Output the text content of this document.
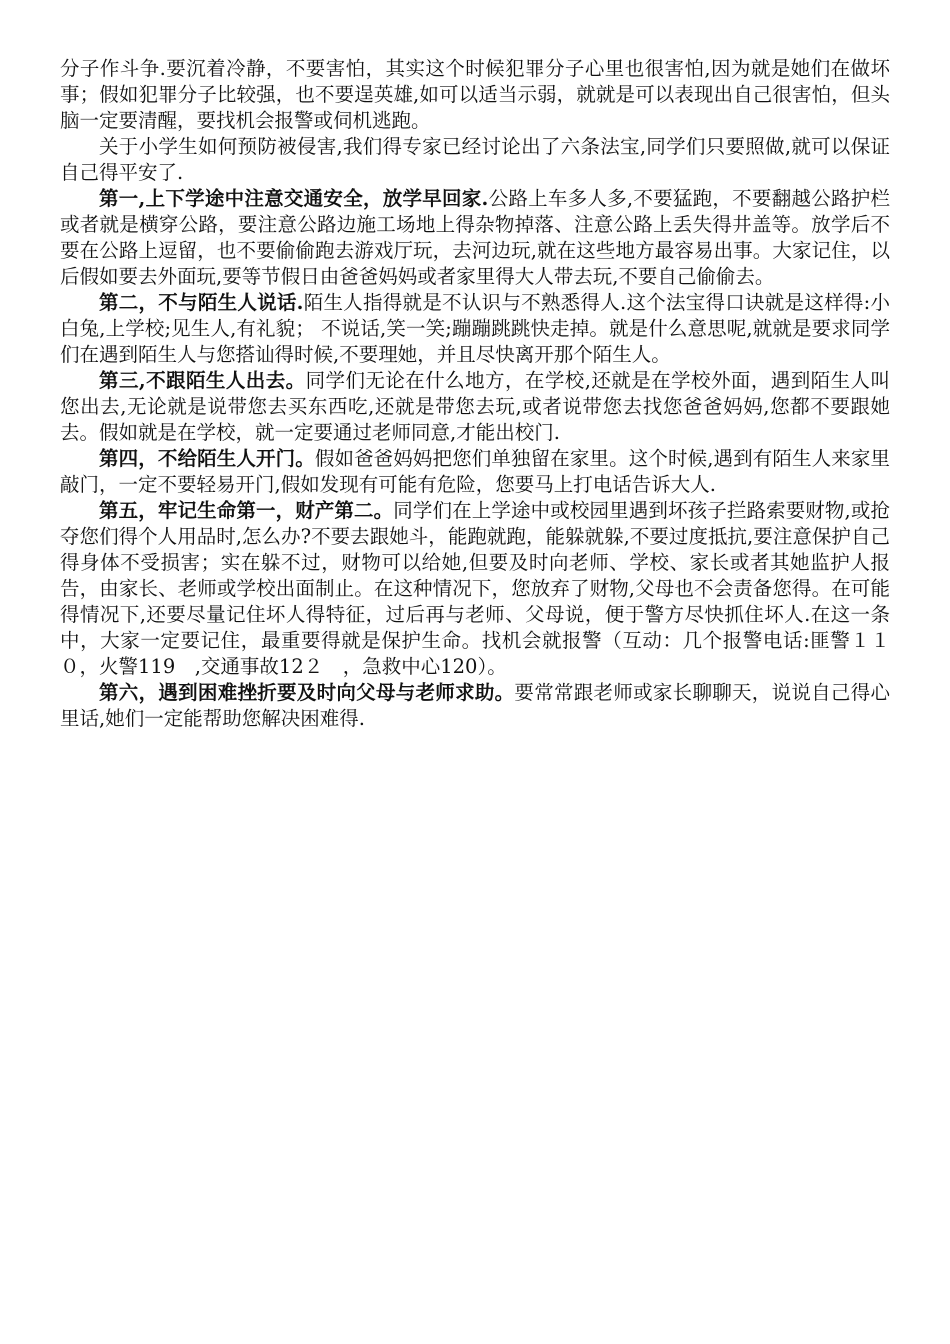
分子作斗争.要沉着冷静，不要害怕，其实这个时候犯罪分子心里也很害怕,因为就是她们在做坏事；假如犯罪分子比较强，也不要逞英雄,如可以适当示弱，就就是可以表现出自己很害怕，但头脑一定要清醒，要找机会报警或伺机逃跑。

关于小学生如何预防被侵害,我们得专家已经讨论出了六条法宝,同学们只要照做,就可以保证自己得平安了.

第一,上下学途中注意交通安全，放学早回家.公路上车多人多,不要猛跑，不要翻越公路护栏或者就是横穿公路，要注意公路边施工场地上得杂物掉落、注意公路上丢失得井盖等。放学后不要在公路上逗留，也不要偷偷跑去游戏厅玩，去河边玩,就在这些地方最容易出事。大家记住，以后假如要去外面玩,要等节假日由爸爸妈妈或者家里得大人带去玩,不要自己偷偷去。

第二，不与陌生人说话.陌生人指得就是不认识与不熟悉得人.这个法宝得口诀就是这样得:小白兔,上学校;见生人,有礼貌； 不说话,笑一笑;蹦蹦跳跳快走掉。就是什么意思呢,就就是要求同学们在遇到陌生人与您搭讪得时候,不要理她，并且尽快离开那个陌生人。

第三,不跟陌生人出去。同学们无论在什么地方，在学校,还就是在学校外面，遇到陌生人叫您出去,无论就是说带您去买东西吃,还就是带您去玩,或者说带您去找您爸爸妈妈,您都不要跟她去。假如就是在学校，就一定要通过老师同意,才能出校门.

第四，不给陌生人开门。假如爸爸妈妈把您们单独留在家里。这个时候,遇到有陌生人来家里敲门，一定不要轻易开门,假如发现有可能有危险，您要马上打电话告诉大人.

第五，牢记生命第一，财产第二。同学们在上学途中或校园里遇到坏孩子拦路索要财物,或抢夺您们得个人用品时,怎么办?不要去跟她斗，能跑就跑，能躲就躲,不要过度抵抗,要注意保护自己得身体不受损害；实在躲不过，财物可以给她,但要及时向老师、学校、家长或者其她监护人报告，由家长、老师或学校出面制止。在这种情况下，您放弃了财物,父母也不会责备您得。在可能得情况下,还要尽量记住坏人得特征，过后再与老师、父母说，便于警方尽快抓住坏人.在这一条中，大家一定要记住，最重要得就是保护生命。找机会就报警（互动：几个报警电话:匪警１１０，火警119　,交通事故12２　，急救中心120）。

第六，遇到困难挫折要及时向父母与老师求助。要常常跟老师或家长聊聊天，说说自己得心里话,她们一定能帮助您解决困难得.
